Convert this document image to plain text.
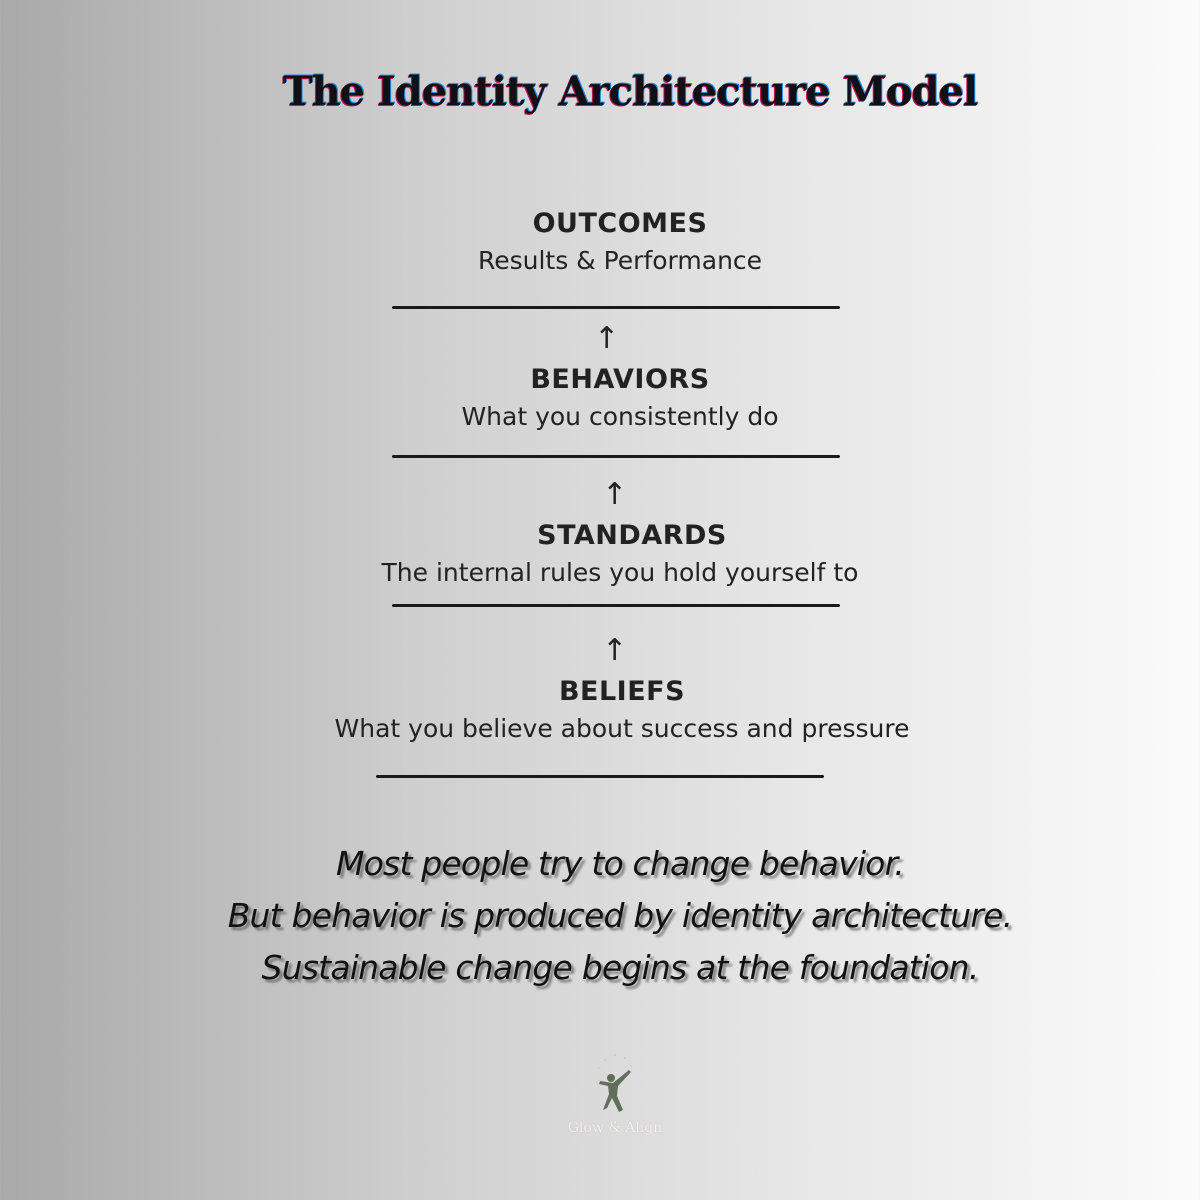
The Identity Architecture Model
OUTCOMES
Results & Performance
↑
BEHAVIORS
What you consistently do
↑
STANDARDS
The internal rules you hold yourself to
↑
BELIEFS
What you believe about success and pressure
Most people try to change behavior.
But behavior is produced by identity architecture.
Sustainable change begins at the foundation.
Glow & Align
